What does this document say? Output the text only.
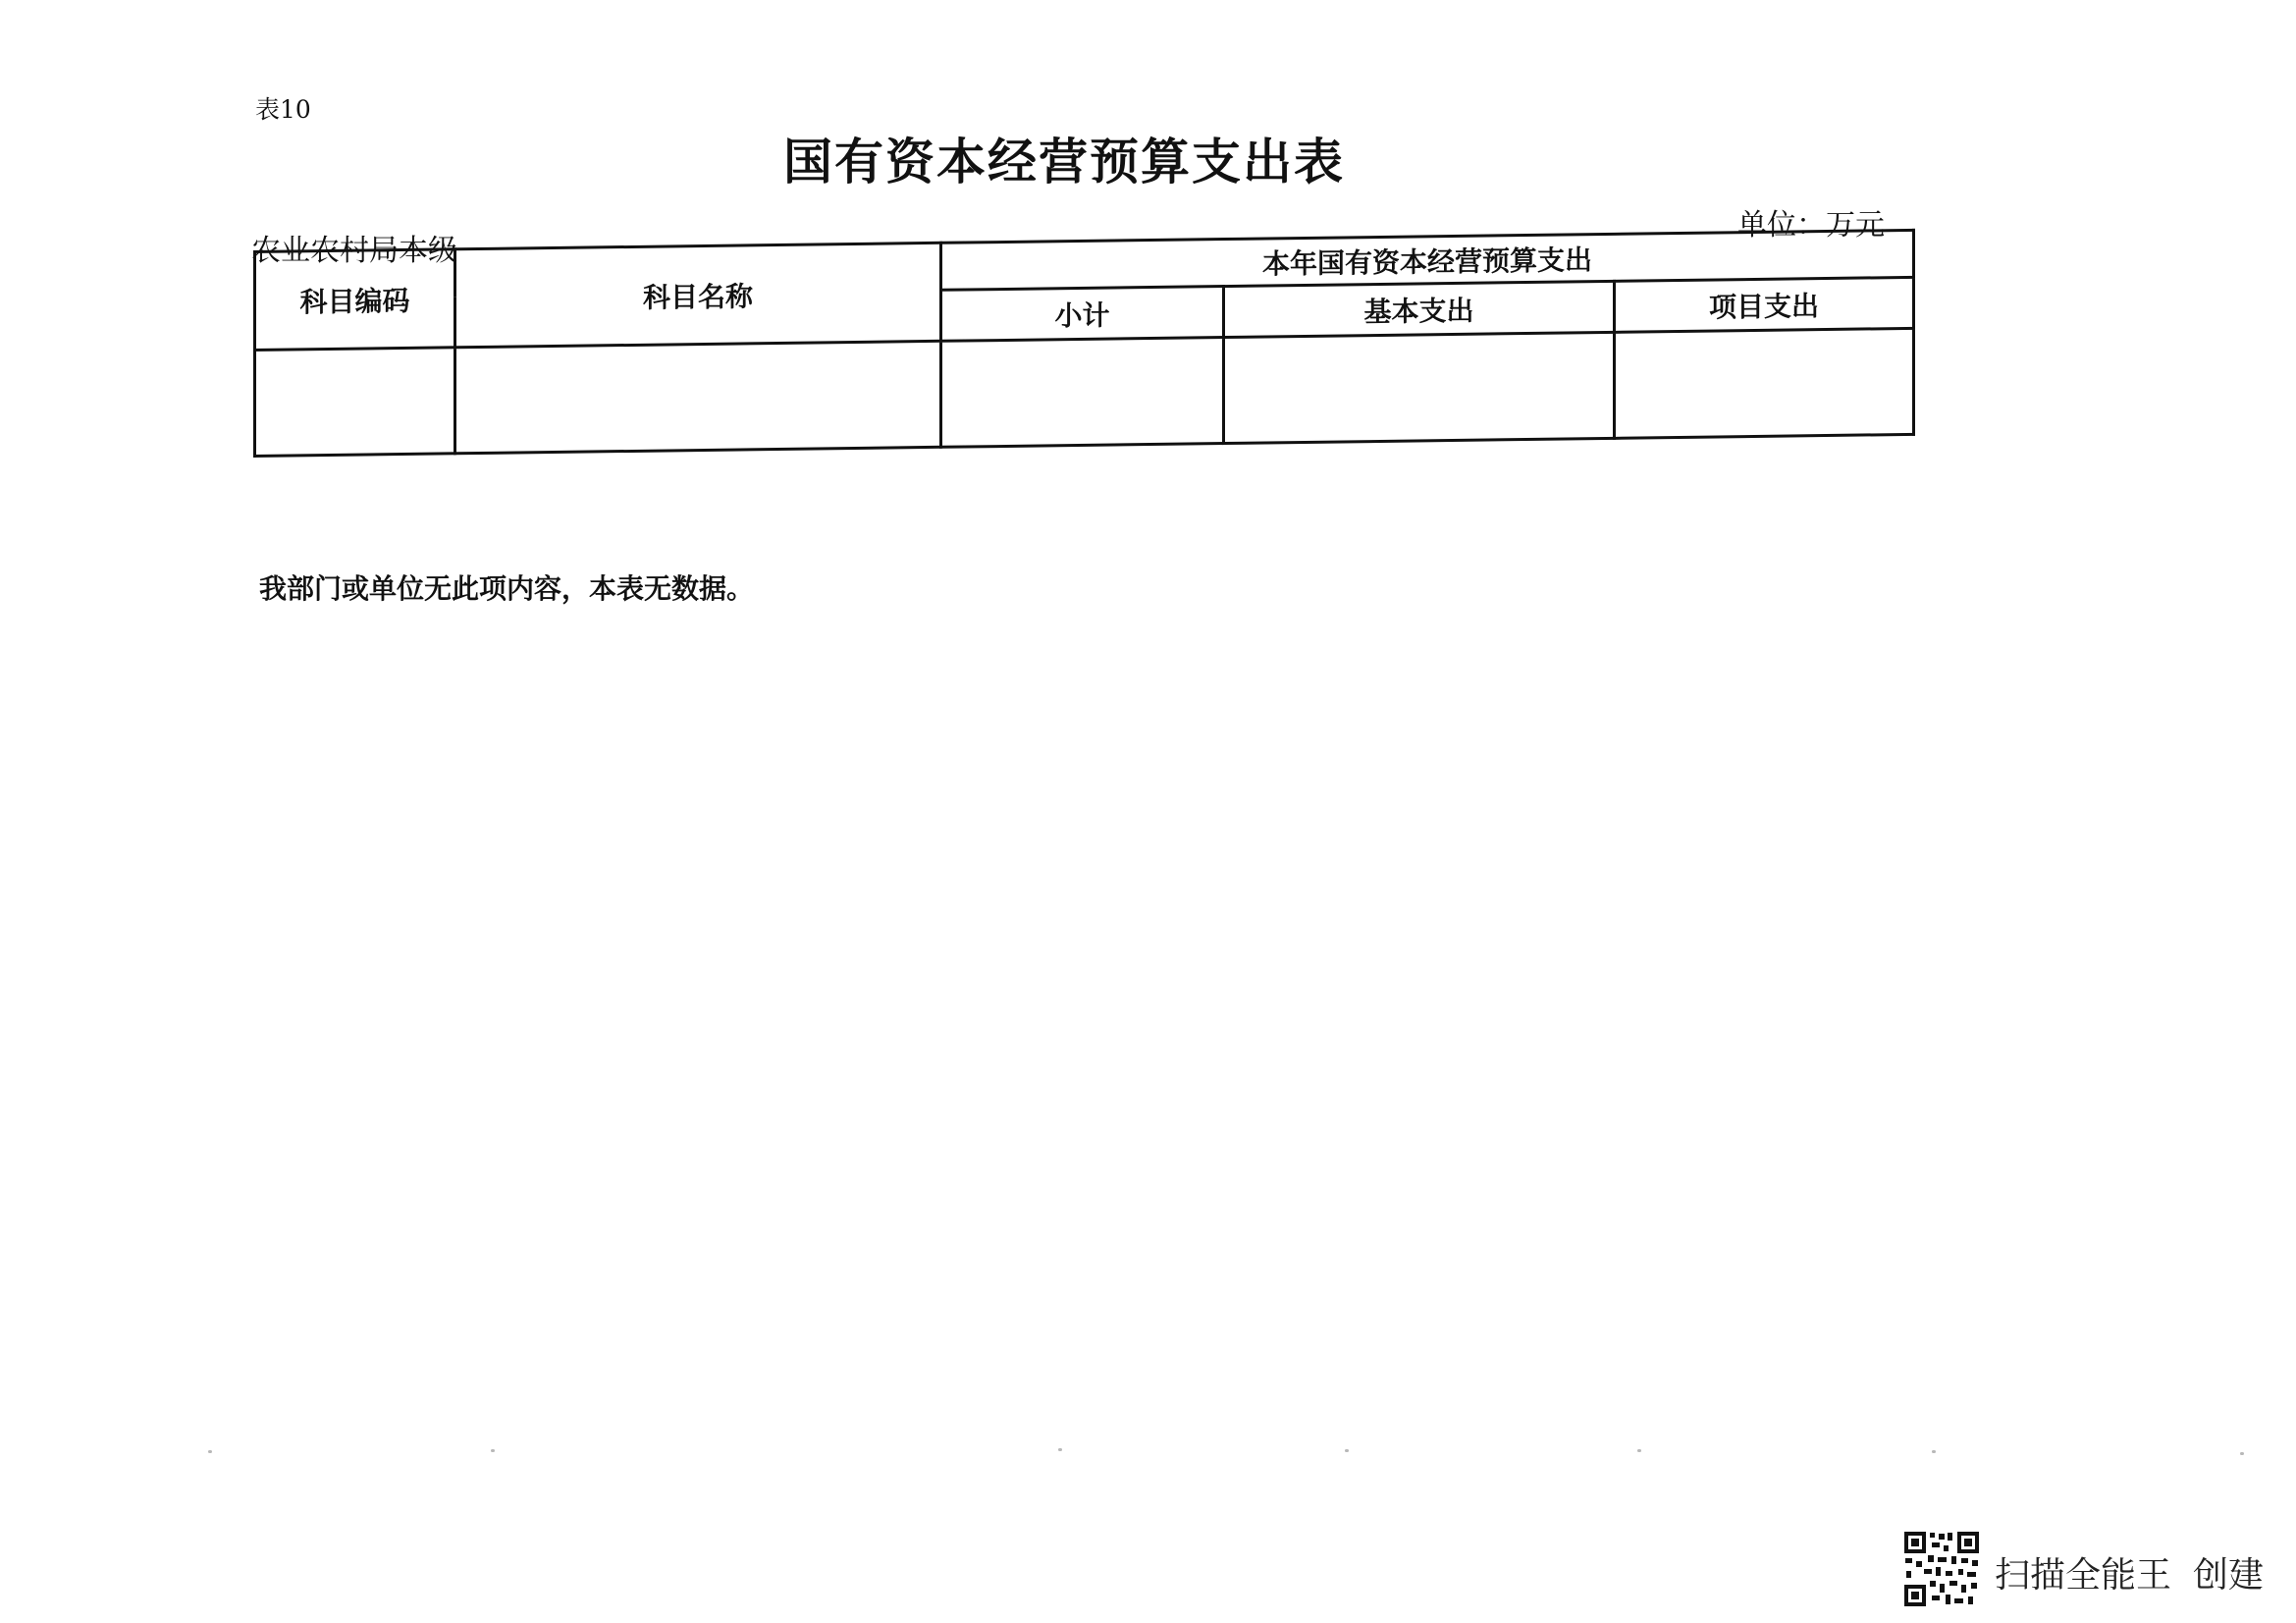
表10
国有资本经营预算支出表
单位：万元
农业农村局本级
科目编码	科目名称	本年国有资本经营预算支出		
		小计	基本支出	项目支出

我部门或单位无此项内容，本表无数据。
扫描全能王 创建
